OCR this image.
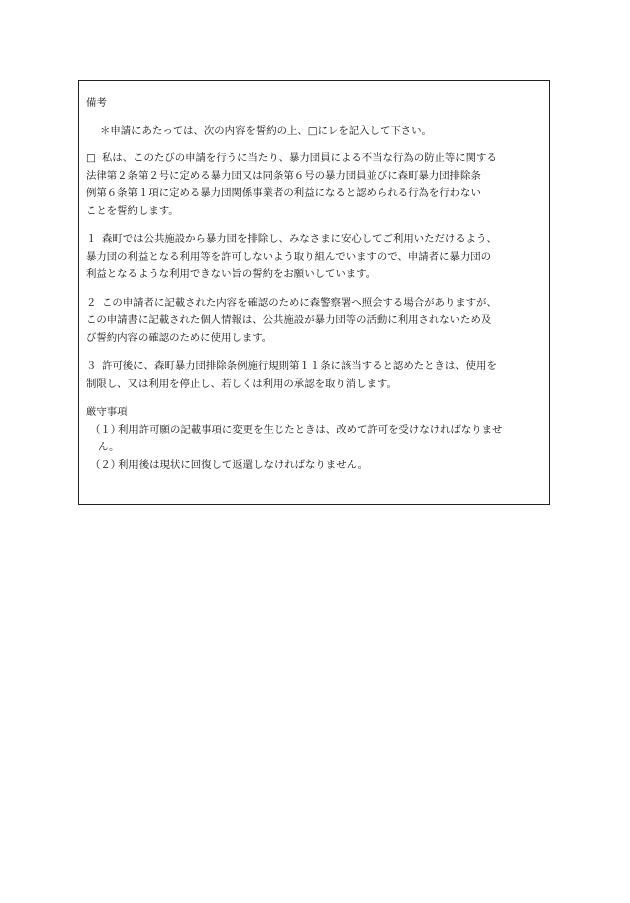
備考

＊申請にあたっては、次の内容を誓約の上、□にレを記入して下さい。

□ 私は、このたびの申請を行うに当たり、暴力団員による不当な行為の防止等に関する
法律第２条第２号に定める暴力団又は同条第６号の暴力団員並びに森町暴力団排除条
例第６条第１項に定める暴力団関係事業者の利益になると認められる行為を行わない
ことを誓約します。
１ 森町では公共施設から暴力団を排除し、みなさまに安心してご利用いただけるよう、
暴力団の利益となる利用等を許可しないよう取り組んでいますので、申請者に暴力団の
利益となるような利用できない旨の誓約をお願いしています。
２ この申請者に記載された内容を確認のために森警察署へ照会する場合がありますが、
この申請書に記載された個人情報は、公共施設が暴力団等の活動に利用されないため及
び誓約内容の確認のために使用します。
３ 許可後に、森町暴力団排除条例施行規則第１１条に該当すると認めたときは、使用を
制限し、又は利用を停止し、若しくは利用の承認を取り消します。

厳守事項

（１）利用許可願の記載事項に変更を生じたときは、改めて許可を受けなければなりませ
ん。
（２）利用後は現状に回復して返還しなければなりません。
